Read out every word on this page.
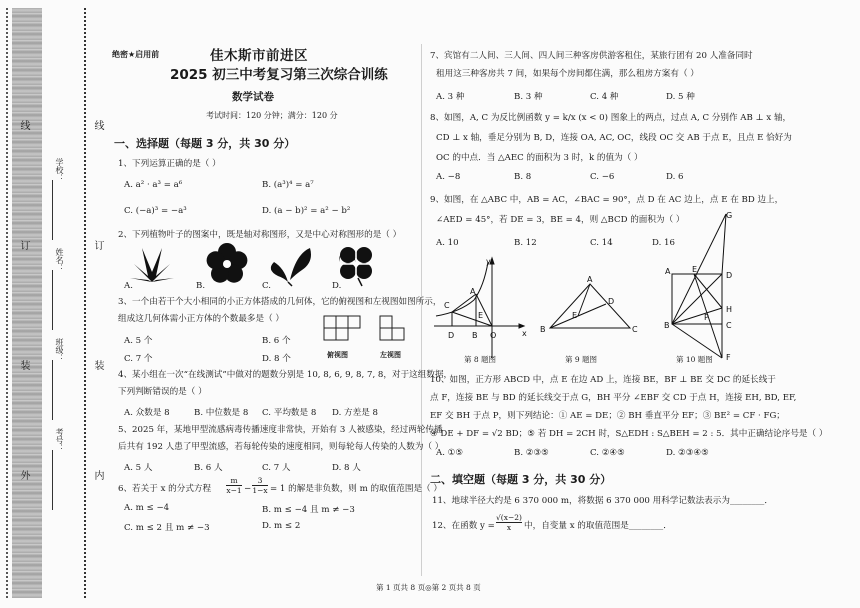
线
订
装
外
线
订
装
内
学校：
姓名：
班级：
考号：
绝密★启用前	佳木斯市前进区
2025 初三中考复习第三次综合训练
数学试卷
考试时间：120 分钟；满分：120 分
一、选择题（每题 3 分，共 30 分）
1、下列运算正确的是（ ）
A. a² · a³ = a⁶	B. (a³)⁴ = a⁷
C. (−a)³ = −a³	D. (a − b)² = a² − b²
2、下列植物叶子的图案中，既是轴对称图形，又是中心对称图形的是（ ）
A.	B.	C.	D.
3、一个由若干个大小相同的小正方体搭成的几何体，它的俯视图和左视图如图所示，
组成这几何体需小正方体的个数最多是（ ）
A. 5 个	B. 6 个
C. 7 个	D. 8 个	俯视图	左视图
4、某小组在一次“在线测试”中做对的题数分别是 10, 8, 6, 9, 8, 7, 8，对于这组数据，
下列判断错误的是（ ）
A. 众数是 8	B. 中位数是 8 C. 平均数是 8 D. 方差是 8
5、2025 年，某地甲型流感病毒传播速度非常快，开始有 3 人被感染，经过两轮传播
后共有 192 人患了甲型流感，若每轮传染的速度相同，则每轮每人传染的人数为（ ）
A. 5 人	B. 6 人	C. 7 人	D. 8 人
6、若关于 x 的分式方程 $\frac{m}{x-1} - \frac{3}{1-x} = 1$ 的解是非负数，则 m 的取值范围是（ ）
A. m ≤ −4	B. m ≤ −4 且 m ≠ −3
C. m ≤ 2 且 m ≠ −3	D. m ≤ 2
7、宾馆有二人间、三人间、四人间三种客房供游客租住，某旅行团有 20 人准备同时
租用这三种客房共 7 间，如果每个房间都住满，那么租房方案有（ ）
A. 3 种	B. 3 种	C. 4 种	D. 5 种
8、如图，A, C 为反比例函数 y = k/x (x < 0) 图象上的两点，过点 A, C 分别作 AB ⊥ x 轴，
CD ⊥ x 轴，垂足分别为 B, D，连接 OA, AC, OC，线段 OC 交 AB 于点 E，且点 E 恰好为
OC 的中点．当 △AEC 的面积为 3 时，k 的值为（ ）
A. −8	B. 8	C. −6	D. 6
9、如图，在 △ABC 中，AB = AC，∠BAC = 90°，点 D 在 AC 边上，点 E 在 BD 边上，
∠AED = 45°，若 DE = 3，BE = 4，则 △BCD 的面积为（ ）
A. 10	B. 12	C. 14	D. 16
y
C
A
E
D B O	x
A
D
E
B	C
G
A	E
D
H
P
B	C
F
第 8 题图	第 9 题图	第 10 题图
10、如图，正方形 ABCD 中，点 E 在边 AD 上，连接 BE，BF ⊥ BE 交 DC 的延长线于
点 F，连接 BE 与 BD 的延长线交于点 G，BH 平分 ∠EBF 交 CD 于点 H，连接 EH, BD, EF,
EF 交 BH 于点 P，则下列结论：① AE = DE；② BH 垂直平分 EF；③ BE² = CF · FG；
④ DE + DF = √2 BD；⑤ 若 DH = 2CH 时，S△EDH : S△BEH = 2 : 5．其中正确结论序号是（ ）
A. ①⑤	B. ②③⑤	C. ②④⑤	D. ②③④⑤
二、填空题（每题 3 分，共 30 分）
11、地球半径大约是 6 370 000 m，将数据 6 370 000 用科学记数法表示为________．
12、在函数 $y = \frac{√(x-2)}{x}$ 中，自变量 x 的取值范围是________．
第 1 页共 8 页◎第 2 页共 8 页
